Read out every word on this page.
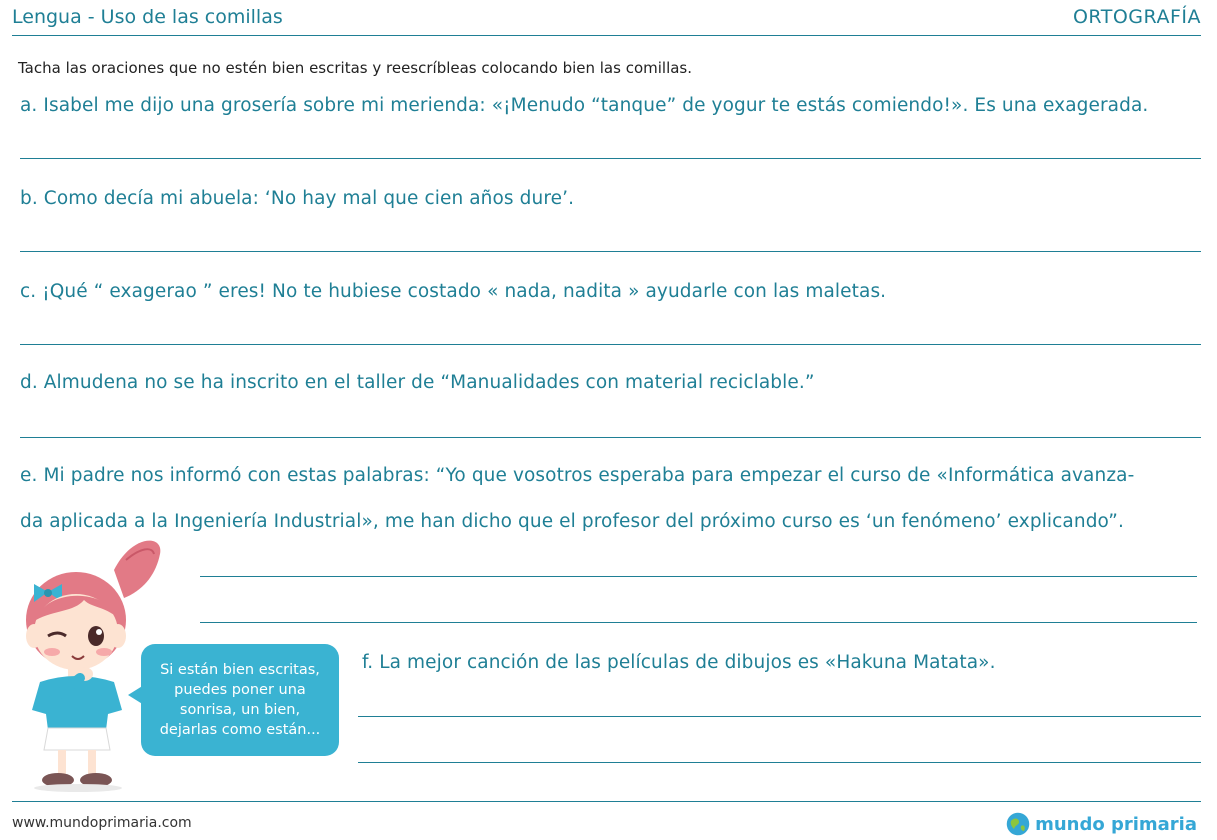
Lengua - Uso de las comillas	ORTOGRAFÍA
Tacha las oraciones que no estén bien escritas y reescríbleas colocando bien las comillas.
a. Isabel me dijo una grosería sobre mi merienda: «¡Menudo “tanque” de yogur te estás comiendo!». Es una exagerada.
b. Como decía mi abuela: ‘No hay mal que cien años dure’.
c. ¡Qué “ exagerao ” eres! No te hubiese costado « nada, nadita » ayudarle con las maletas.
d. Almudena no se ha inscrito en el taller de “Manualidades con material reciclable.”
e. Mi padre nos informó con estas palabras: “Yo que vosotros esperaba para empezar el curso de «Informática avanza-
da aplicada a la Ingeniería Industrial», me han dicho que el profesor del próximo curso es ‘un fenómeno’ explicando”.
f. La mejor canción de las películas de dibujos es «Hakuna Matata».
Si están bien escritas,
puedes poner una
sonrisa, un bien,
dejarlas como están...
www.mundoprimaria.com	mundo primaria
